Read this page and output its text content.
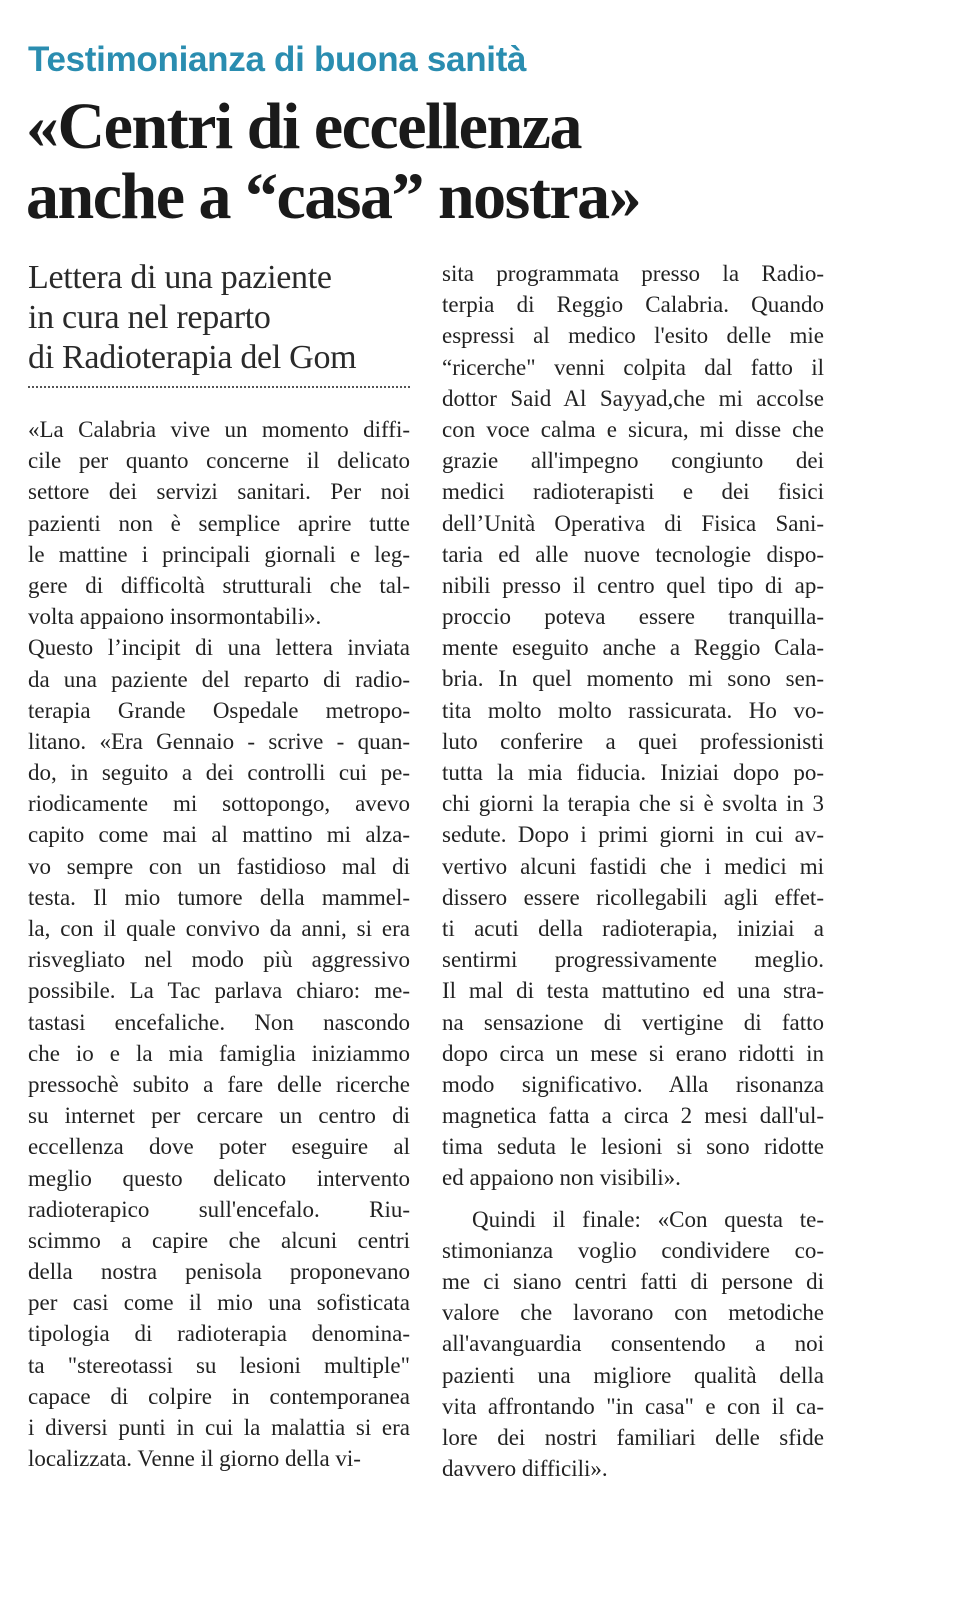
Testimonianza di buona sanità
«Centri di eccellenza
anche a “casa” nostra»

Lettera di una paziente
in cura nel reparto
di Radioterapia del Gom

«La Calabria vive un momento diffi-
cile per quanto concerne il delicato
settore dei servizi sanitari. Per noi
pazienti non è semplice aprire tutte
le mattine i principali giornali e leg-
gere di difficoltà strutturali che tal-
volta appaiono insormontabili».
Questo l’incipit di una lettera inviata
da una paziente del reparto di radio-
terapia Grande Ospedale metropo-
litano. «Era Gennaio - scrive - quan-
do, in seguito a dei controlli cui pe-
riodicamente mi sottopongo, avevo
capito come mai al mattino mi alza-
vo sempre con un fastidioso mal di
testa. Il mio tumore della mammel-
la, con il quale convivo da anni, si era
risvegliato nel modo più aggressivo
possibile. La Tac parlava chiaro: me-
tastasi encefaliche. Non nascondo
che io e la mia famiglia iniziammo
pressochè subito a fare delle ricerche
su internet per cercare un centro di
eccellenza dove poter eseguire al
meglio questo delicato intervento
radioterapico sull'encefalo. Riu-
scimmo a capire che alcuni centri
della nostra penisola proponevano
per casi come il mio una sofisticata
tipologia di radioterapia denomina-
ta "stereotassi su lesioni multiple"
capace di colpire in contemporanea
i diversi punti in cui la malattia si era
localizzata. Venne il giorno della vi-
sita programmata presso la Radio-
terpia di Reggio Calabria. Quando
espressi al medico l'esito delle mie
“ricerche" venni colpita dal fatto il
dottor Said Al Sayyad,che mi accolse
con voce calma e sicura, mi disse che
grazie all'impegno congiunto dei
medici radioterapisti e dei fisici
dell’Unità Operativa di Fisica Sani-
taria ed alle nuove tecnologie dispo-
nibili presso il centro quel tipo di ap-
proccio poteva essere tranquilla-
mente eseguito anche a Reggio Cala-
bria. In quel momento mi sono sen-
tita molto molto rassicurata. Ho vo-
luto conferire a quei professionisti
tutta la mia fiducia. Iniziai dopo po-
chi giorni la terapia che si è svolta in 3
sedute. Dopo i primi giorni in cui av-
vertivo alcuni fastidi che i medici mi
dissero essere ricollegabili agli effet-
ti acuti della radioterapia, iniziai a
sentirmi progressivamente meglio.
Il mal di testa mattutino ed una stra-
na sensazione di vertigine di fatto
dopo circa un mese si erano ridotti in
modo significativo. Alla risonanza
magnetica fatta a circa 2 mesi dall'ul-
tima seduta le lesioni si sono ridotte
ed appaiono non visibili».
Quindi il finale: «Con questa te-
stimonianza voglio condividere co-
me ci siano centri fatti di persone di
valore che lavorano con metodiche
all'avanguardia consentendo a noi
pazienti una migliore qualità della
vita affrontando "in casa" e con il ca-
lore dei nostri familiari delle sfide
davvero difficili».
